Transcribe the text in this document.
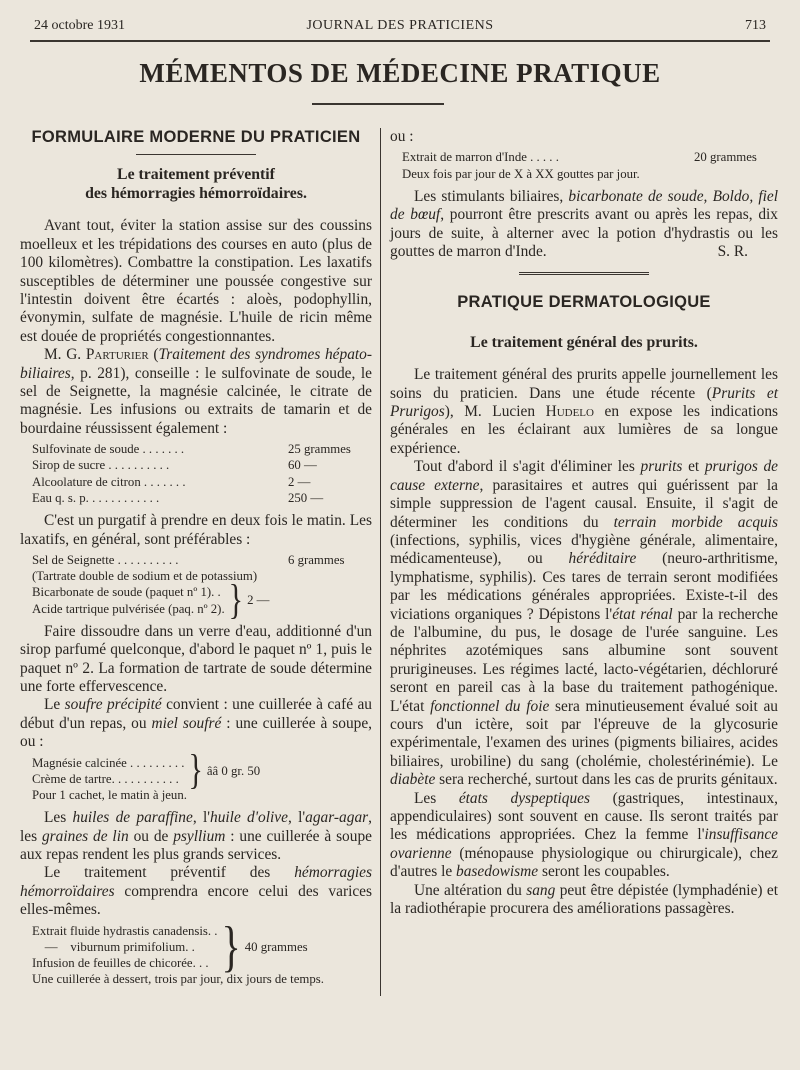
24 octobre 1931	JOURNAL DES PRATICIENS	713
MÉMENTOS DE MÉDECINE PRATIQUE
FORMULAIRE MODERNE DU PRATICIEN
Le traitement préventif
des hémorragies hémorroïdaires.

Avant tout, éviter la station assise sur des coussins moelleux et les trépidations des courses en auto (plus de 100 kilomètres). Combattre la constipation. Les laxatifs susceptibles de déterminer une poussée congestive sur l'intestin doivent être écartés : aloès, podophyllin, évonymin, sulfate de magnésie. L'huile de ricin même est douée de propriétés congestionnantes.

M. G. Parturier (Traitement des syndromes hépato-biliaires, p. 281), conseille : le sulfovinate de soude, le sel de Seignette, la magnésie calcinée, le citrate de magnésie. Les infusions ou extraits de tamarin et de bourdaine réussissent également :

Sulfovinate de soude . . . . . . .	25 grammes
Sirop de sucre . . . . . . . . . .	60 —
Alcoolature de citron . . . . . . .	2 —
Eau q. s. p. . . . . . . . . . . .	250 —

C'est un purgatif à prendre en deux fois le matin. Les laxatifs, en général, sont préférables :

Sel de Seignette . . . . . . . . . .	6 grammes
(Tartrate double de sodium et de potassium)
Bicarbonate de soude (paquet nº 1). .
Acide tartrique pulvérisée (paq. nº 2). } 2 —

Faire dissoudre dans un verre d'eau, additionné d'un sirop parfumé quelconque, d'abord le paquet nº 1, puis le paquet nº 2. La formation de tartrate de soude détermine une forte effervescence.

Le soufre précipité convient : une cuillerée à café au début d'un repas, ou miel soufré : une cuillerée à soupe, ou :

Magnésie calcinée . . . . . . . . .
Crème de tartre. . . . . . . . . . . } ââ 0 gr. 50
Pour 1 cachet, le matin à jeun.

Les huiles de paraffine, l'huile d'olive, l'agar-agar, les graines de lin ou de psyllium : une cuillerée à soupe aux repas rendent les plus grands services.

Le traitement préventif des hémorragies hémorroïdaires comprendra encore celui des varices elles-mêmes.

Extrait fluide hydrastis canadensis. .
—    viburnum primifolium. .
Infusion de feuilles de chicorée. . . } 40 grammes
Une cuillerée à dessert, trois par jour, dix jours de temps.

ou :

Extrait de marron d'Inde . . . . .	20 grammes
Deux fois par jour de X à XX gouttes par jour.

Les stimulants biliaires, bicarbonate de soude, Boldo, fiel de bœuf, pourront être prescrits avant ou après les repas, dix jours de suite, à alterner avec la potion d'hydrastis ou les gouttes de marron d'Inde.	S. R.

PRATIQUE DERMATOLOGIQUE
Le traitement général des prurits.

Le traitement général des prurits appelle journellement les soins du praticien. Dans une étude récente (Prurits et Prurigos), M. Lucien Hudelo en expose les indications générales en les éclairant aux lumières de sa longue expérience.

Tout d'abord il s'agit d'éliminer les prurits et prurigos de cause externe, parasitaires et autres qui guérissent par la simple suppression de l'agent causal. Ensuite, il s'agit de déterminer les conditions du terrain morbide acquis (infections, syphilis, vices d'hygiène générale, alimentaire, médicamenteuse), ou héréditaire (neuro-arthritisme, lymphatisme, syphilis). Ces tares de terrain seront modifiées par les médications générales appropriées. Existe-t-il des viciations organiques ? Dépistons l'état rénal par la recherche de l'albumine, du pus, le dosage de l'urée sanguine. Les néphrites azotémiques sans albumine sont souvent prurigineuses. Les régimes lacté, lacto-végétarien, déchloruré seront en pareil cas à la base du traitement pathogénique. L'état fonctionnel du foie sera minutieusement évalué soit au cours d'un ictère, soit par l'épreuve de la glycosurie expérimentale, l'examen des urines (pigments biliaires, acides biliaires, urobiline) du sang (cholémie, cholestérinémie). Le diabète sera recherché, surtout dans les cas de prurits génitaux.

Les états dyspeptiques (gastriques, intestinaux, appendiculaires) sont souvent en cause. Ils seront traités par les médications appropriées. Chez la femme l'insuffisance ovarienne (ménopause physiologique ou chirurgicale), chez d'autres le basedowisme seront les coupables.

Une altération du sang peut être dépistée (lymphadénie) et la radiothérapie procurera des améliorations passagères.
